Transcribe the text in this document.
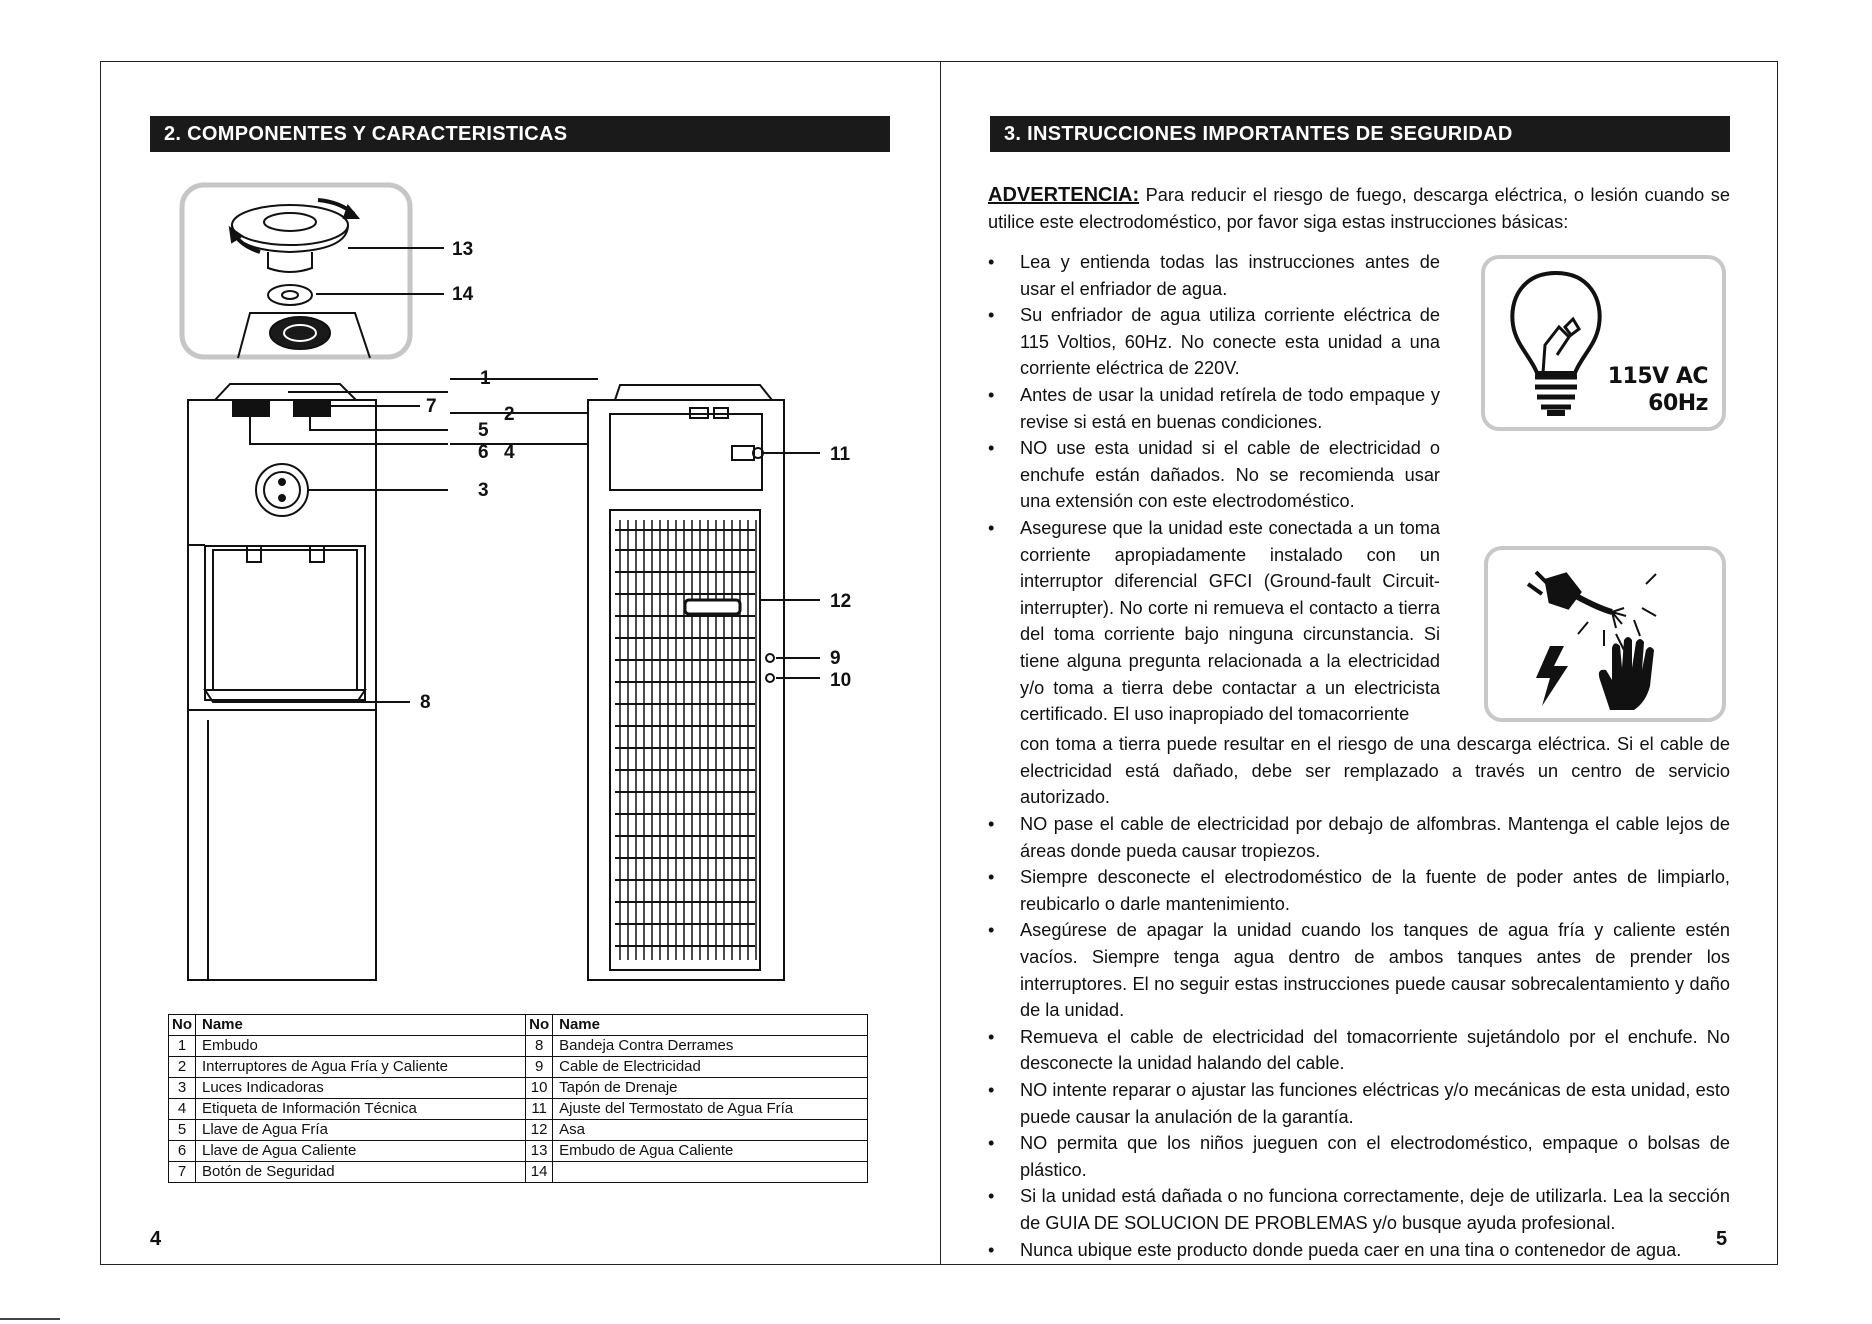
2. COMPONENTES Y CARACTERISTICAS
13
14
1
7	2
5
6 4
3
11
12
9
10
8
No	Name	No	Name
1	Embudo	8	Bandeja Contra Derrames
2	Interruptores de Agua Fría y Caliente	9	Cable de Electricidad
3	Luces Indicadoras	10	Tapón de Drenaje
4	Etiqueta de Información Técnica	11	Ajuste del Termostato de Agua Fría
5	Llave de Agua Fría	12	Asa
6	Llave de Agua Caliente	13	Embudo de Agua Caliente
7	Botón de Seguridad	14	
4
3. INSTRUCCIONES IMPORTANTES DE SEGURIDAD
ADVERTENCIA: Para reducir el riesgo de fuego, descarga eléctrica, o lesión cuando se utilice este electrodoméstico, por favor siga estas instrucciones básicas:
• Lea y entienda todas las instrucciones antes de usar el enfriador de agua.
• Su enfriador de agua utiliza corriente eléctrica de 115 Voltios, 60Hz. No conecte esta unidad a una corriente eléctrica de 220V.
• Antes de usar la unidad retírela de todo empaque y revise si está en buenas condiciones.
• NO use esta unidad si el cable de electricidad o enchufe están dañados. No se recomienda usar una extensión con este electrodoméstico.
• Asegurese que la unidad este conectada a un toma corriente apropiadamente instalado con un interruptor diferencial GFCI (Ground-fault Circuit-interrupter). No corte ni remueva el contacto a tierra del toma corriente bajo ninguna circunstancia. Si tiene alguna pregunta relacionada a la electricidad y/o toma a tierra debe contactar a un electricista certificado. El uso inapropiado del tomacorriente
con toma a tierra puede resultar en el riesgo de una descarga eléctrica. Si el cable de electricidad está dañado, debe ser remplazado a través un centro de servicio autorizado.
• NO pase el cable de electricidad por debajo de alfombras. Mantenga el cable lejos de áreas donde pueda causar tropiezos.
• Siempre desconecte el electrodoméstico de la fuente de poder antes de limpiarlo, reubicarlo o darle mantenimiento.
• Asegúrese de apagar la unidad cuando los tanques de agua fría y caliente estén vacíos. Siempre tenga agua dentro de ambos tanques antes de prender los interruptores. El no seguir estas instrucciones puede causar sobrecalentamiento y daño de la unidad.
• Remueva el cable de electricidad del tomacorriente sujetándolo por el enchufe. No desconecte la unidad halando del cable.
• NO intente reparar o ajustar las funciones eléctricas y/o mecánicas de esta unidad, esto puede causar la anulación de la garantía.
• NO permita que los niños jueguen con el electrodoméstico, empaque o bolsas de plástico.
• Si la unidad está dañada o no funciona correctamente, deje de utilizarla. Lea la sección de GUIA DE SOLUCION DE PROBLEMAS y/o busque ayuda profesional.
• Nunca ubique este producto donde pueda caer en una tina o contenedor de agua.
115V AC
60Hz
5
